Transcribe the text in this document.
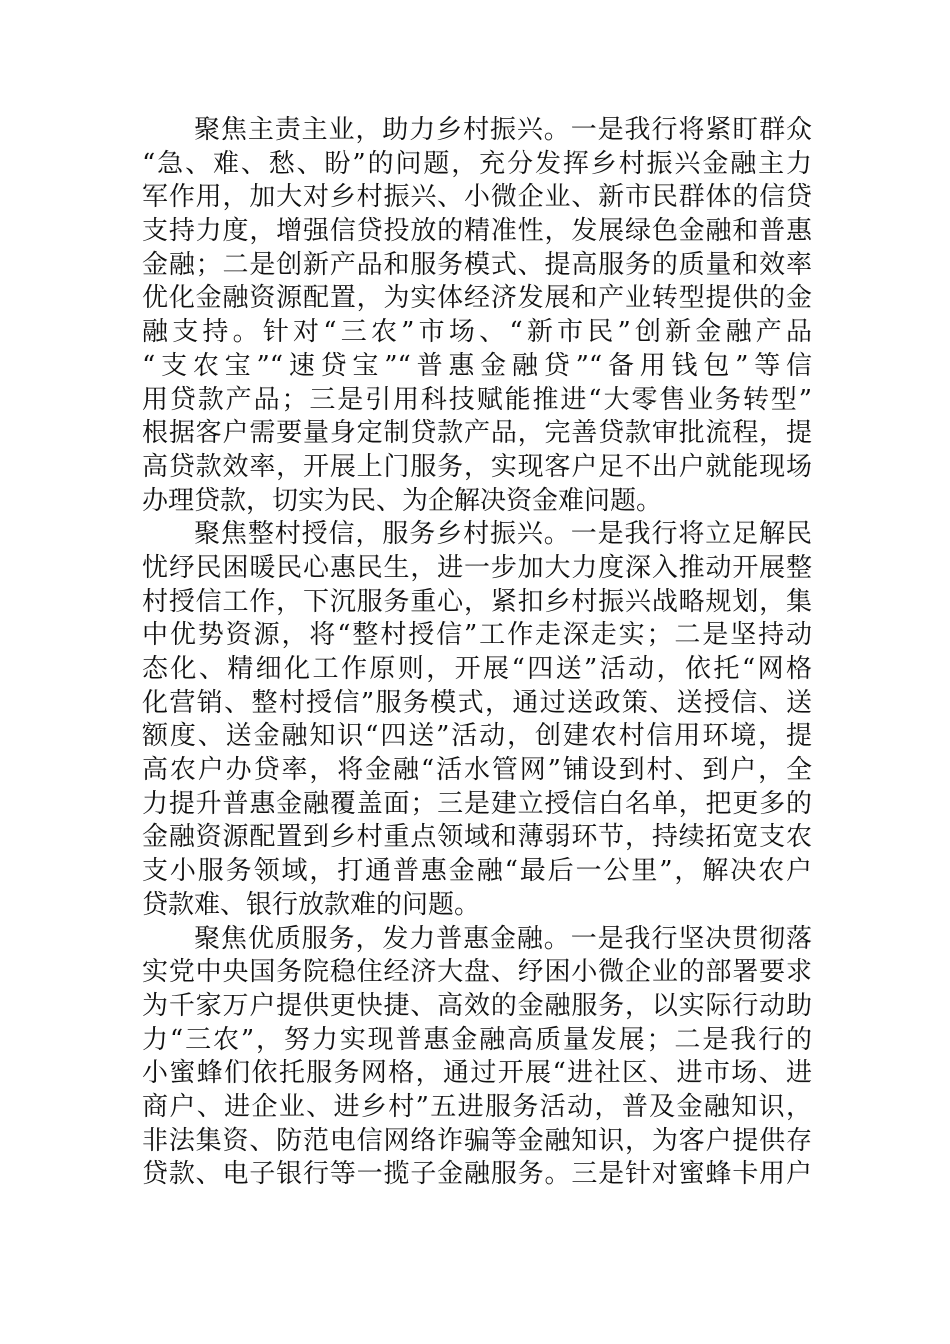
聚焦主责主业，助力乡村振兴。一是我行将紧盯群众
“急、难、愁、盼”的问题，充分发挥乡村振兴金融主力
军作用，加大对乡村振兴、小微企业、新市民群体的信贷
支持力度，增强信贷投放的精准性，发展绿色金融和普惠
金融；二是创新产品和服务模式、提高服务的质量和效率
优化金融资源配置，为实体经济发展和产业转型提供的金
融支持。针对“三农”市场、“新市民”创新金融产品
“支农宝”“速贷宝”“普惠金融贷”“备用钱包”等信
用贷款产品；三是引用科技赋能推进“大零售业务转型”
根据客户需要量身定制贷款产品，完善贷款审批流程，提
高贷款效率，开展上门服务，实现客户足不出户就能现场
办理贷款，切实为民、为企解决资金难问题。
聚焦整村授信，服务乡村振兴。一是我行将立足解民
忧纾民困暖民心惠民生，进一步加大力度深入推动开展整
村授信工作，下沉服务重心，紧扣乡村振兴战略规划，集
中优势资源，将“整村授信”工作走深走实；二是坚持动
态化、精细化工作原则，开展“四送”活动，依托“网格
化营销、整村授信”服务模式，通过送政策、送授信、送
额度、送金融知识“四送”活动，创建农村信用环境，提
高农户办贷率，将金融“活水管网”铺设到村、到户，全
力提升普惠金融覆盖面；三是建立授信白名单，把更多的
金融资源配置到乡村重点领域和薄弱环节，持续拓宽支农
支小服务领域，打通普惠金融“最后一公里”，解决农户
贷款难、银行放款难的问题。
聚焦优质服务，发力普惠金融。一是我行坚决贯彻落
实党中央国务院稳住经济大盘、纾困小微企业的部署要求
为千家万户提供更快捷、高效的金融服务，以实际行动助
力“三农”，努力实现普惠金融高质量发展；二是我行的
小蜜蜂们依托服务网格，通过开展“进社区、进市场、进
商户、进企业、进乡村”五进服务活动，普及金融知识，
非法集资、防范电信网络诈骗等金融知识，为客户提供存
贷款、电子银行等一揽子金融服务。三是针对蜜蜂卡用户
